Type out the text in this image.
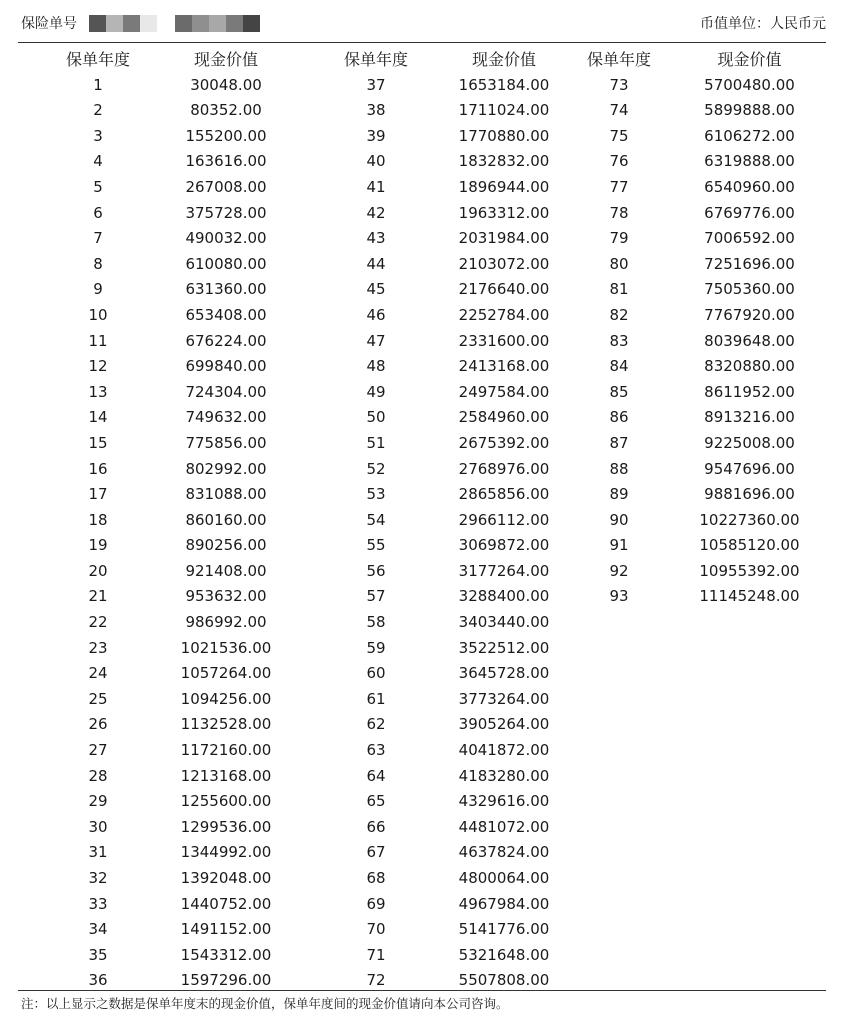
保险单号	币值单位：人民币元
保单年度	现金价值
1	30048.00
2	80352.00
3	155200.00
4	163616.00
5	267008.00
6	375728.00
7	490032.00
8	610080.00
9	631360.00
10	653408.00
11	676224.00
12	699840.00
13	724304.00
14	749632.00
15	775856.00
16	802992.00
17	831088.00
18	860160.00
19	890256.00
20	921408.00
21	953632.00
22	986992.00
23	1021536.00
24	1057264.00
25	1094256.00
26	1132528.00
27	1172160.00
28	1213168.00
29	1255600.00
30	1299536.00
31	1344992.00
32	1392048.00
33	1440752.00
34	1491152.00
35	1543312.00
36	1597296.00
保单年度	现金价值
37	1653184.00
38	1711024.00
39	1770880.00
40	1832832.00
41	1896944.00
42	1963312.00
43	2031984.00
44	2103072.00
45	2176640.00
46	2252784.00
47	2331600.00
48	2413168.00
49	2497584.00
50	2584960.00
51	2675392.00
52	2768976.00
53	2865856.00
54	2966112.00
55	3069872.00
56	3177264.00
57	3288400.00
58	3403440.00
59	3522512.00
60	3645728.00
61	3773264.00
62	3905264.00
63	4041872.00
64	4183280.00
65	4329616.00
66	4481072.00
67	4637824.00
68	4800064.00
69	4967984.00
70	5141776.00
71	5321648.00
72	5507808.00
保单年度	现金价值
73	5700480.00
74	5899888.00
75	6106272.00
76	6319888.00
77	6540960.00
78	6769776.00
79	7006592.00
80	7251696.00
81	7505360.00
82	7767920.00
83	8039648.00
84	8320880.00
85	8611952.00
86	8913216.00
87	9225008.00
88	9547696.00
89	9881696.00
90	10227360.00
91	10585120.00
92	10955392.00
93	11145248.00
注：以上显示之数据是保单年度末的现金价值，保单年度间的现金价值请向本公司咨询。
